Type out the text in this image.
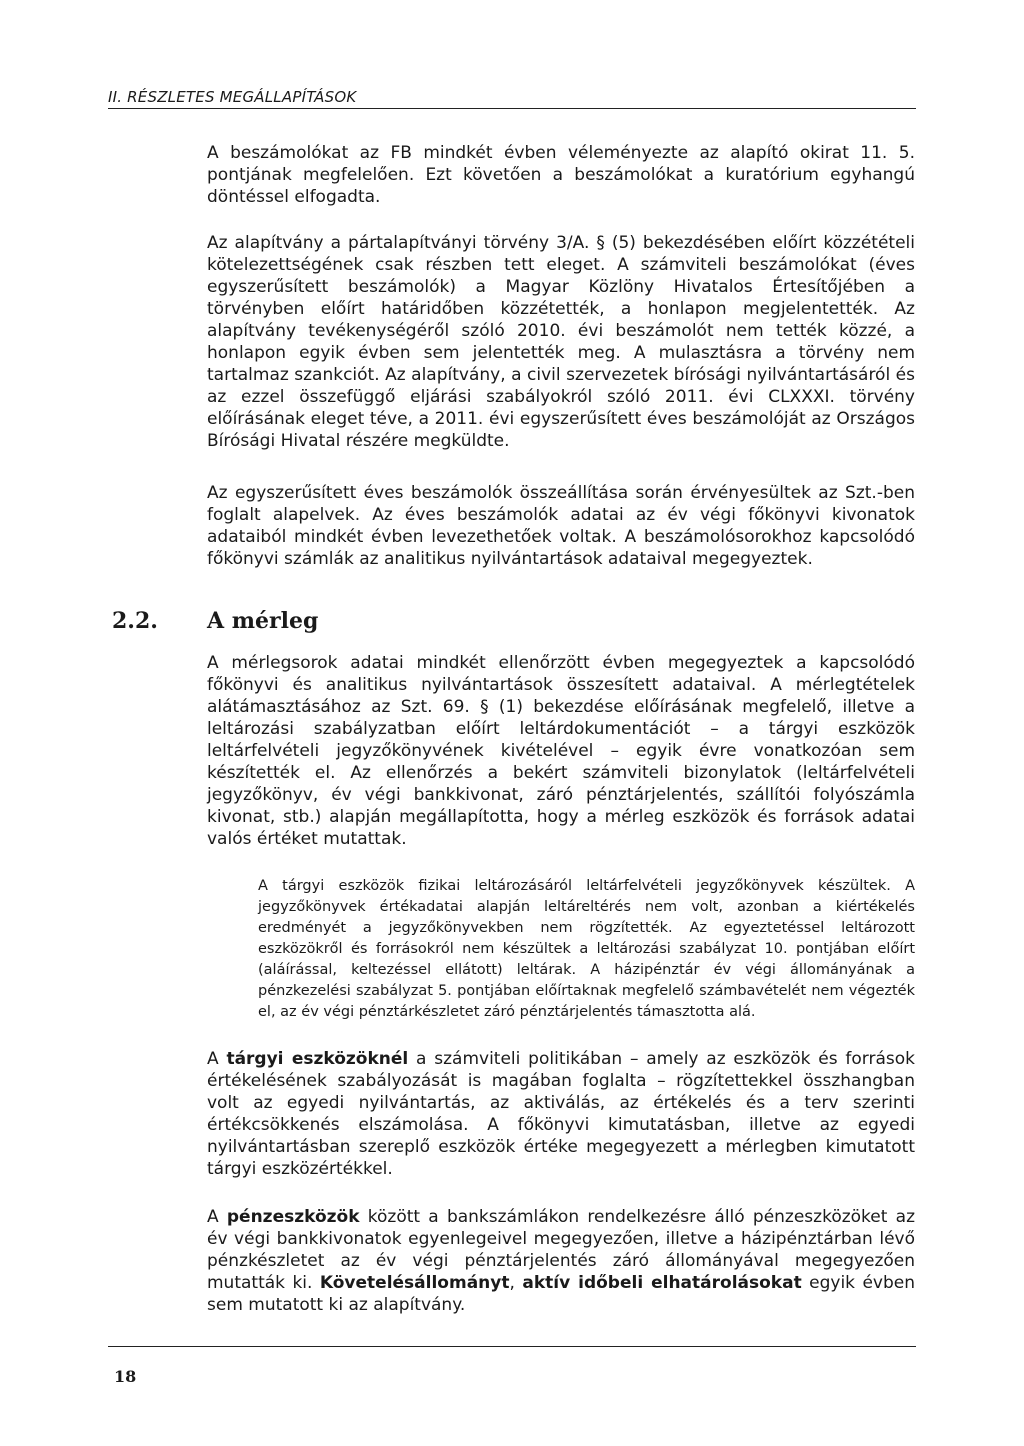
II. RÉSZLETES MEGÁLLAPÍTÁSOK

A beszámolókat az FB mindkét évben véleményezte az alapító okirat 11. 5. pontjának megfelelően. Ezt követően a beszámolókat a kuratórium egyhangú döntéssel elfogadta.

Az alapítvány a pártalapítványi törvény 3/A. § (5) bekezdésében előírt közzétételi kötelezettségének csak részben tett eleget. A számviteli beszámolókat (éves egyszerűsített beszámolók) a Magyar Közlöny Hivatalos Értesítőjében a törvényben előírt határidőben közzétették, a honlapon megjelentették. Az alapítvány tevékenységéről szóló 2010. évi beszámolót nem tették közzé, a honlapon egyik évben sem jelentették meg. A mulasztásra a törvény nem tartalmaz szankciót. Az alapítvány, a civil szervezetek bírósági nyilvántartásáról és az ezzel összefüggő eljárási szabályokról szóló 2011. évi CLXXXI. törvény előírásának eleget téve, a 2011. évi egyszerűsített éves beszámolóját az Országos Bírósági Hivatal részére megküldte.

Az egyszerűsített éves beszámolók összeállítása során érvényesültek az Szt.-ben foglalt alapelvek. Az éves beszámolók adatai az év végi főkönyvi kivonatok adataiból mindkét évben levezethetőek voltak. A beszámolósorokhoz kapcsolódó főkönyvi számlák az analitikus nyilvántartások adataival megegyeztek.

2.2. A mérleg

A mérlegsorok adatai mindkét ellenőrzött évben megegyeztek a kapcsolódó főkönyvi és analitikus nyilvántartások összesített adataival. A mérlegtételek alátámasztásához az Szt. 69. § (1) bekezdése előírásának megfelelő, illetve a leltározási szabályzatban előírt leltárdokumentációt – a tárgyi eszközök leltárfelvételi jegyzőkönyvének kivételével – egyik évre vonatkozóan sem készítették el. Az ellenőrzés a bekért számviteli bizonylatok (leltárfelvételi jegyzőkönyv, év végi bankkivonat, záró pénztárjelentés, szállítói folyószámla kivonat, stb.) alapján megállapította, hogy a mérleg eszközök és források adatai valós értéket mutattak.

A tárgyi eszközök fizikai leltározásáról leltárfelvételi jegyzőkönyvek készültek. A jegyzőkönyvek értékadatai alapján leltáreltérés nem volt, azonban a kiértékelés eredményét a jegyzőkönyvekben nem rögzítették. Az egyeztetéssel leltározott eszközökről és forrásokról nem készültek a leltározási szabályzat 10. pontjában előírt (aláírással, keltezéssel ellátott) leltárak. A házipénztár év végi állományának a pénzkezelési szabályzat 5. pontjában előírtaknak megfelelő számbavételét nem végezték el, az év végi pénztárkészletet záró pénztárjelentés támasztotta alá.

A tárgyi eszközöknél a számviteli politikában – amely az eszközök és források értékelésének szabályozását is magában foglalta – rögzítettekkel összhangban volt az egyedi nyilvántartás, az aktiválás, az értékelés és a terv szerinti értékcsökkenés elszámolása. A főkönyvi kimutatásban, illetve az egyedi nyilvántartásban szereplő eszközök értéke megegyezett a mérlegben kimutatott tárgyi eszközértékkel.

A pénzeszközök között a bankszámlákon rendelkezésre álló pénzeszközöket az év végi bankkivonatok egyenlegeivel megegyezően, illetve a házipénztárban lévő pénzkészletet az év végi pénztárjelentés záró állományával megegyezően mutatták ki. Követelésállományt, aktív időbeli elhatárolásokat egyik évben sem mutatott ki az alapítvány.

18
